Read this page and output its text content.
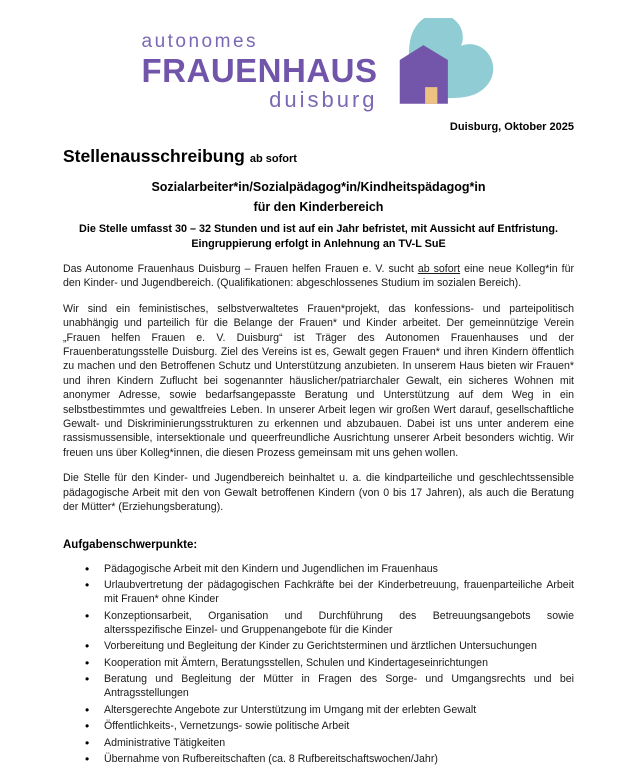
autonomes
FRAUENHAUS
duisburg
Duisburg, Oktober 2025
Stellenausschreibung ab sofort
Sozialarbeiter*in/Sozialpädagog*in/Kindheitspädagog*in
für den Kinderbereich
Die Stelle umfasst 30 – 32 Stunden und ist auf ein Jahr befristet, mit Aussicht auf Entfristung.
Eingruppierung erfolgt in Anlehnung an TV-L SuE

Das Autonome Frauenhaus Duisburg – Frauen helfen Frauen e. V. sucht ab sofort eine neue Kolleg*in für den Kinder- und Jugendbereich. (Qualifikationen: abgeschlossenes Studium im sozialen Bereich).

Wir sind ein feministisches, selbstverwaltetes Frauen*projekt, das konfessions- und parteipolitisch unabhängig und parteilich für die Belange der Frauen* und Kinder arbeitet. Der gemeinnützige Verein „Frauen helfen Frauen e. V. Duisburg“ ist Träger des Autonomen Frauenhauses und der Frauenberatungsstelle Duisburg. Ziel des Vereins ist es, Gewalt gegen Frauen* und ihren Kindern öffentlich zu machen und den Betroffenen Schutz und Unterstützung anzubieten. In unserem Haus bieten wir Frauen* und ihren Kindern Zuflucht bei sogenannter häuslicher/patriarchaler Gewalt, ein sicheres Wohnen mit anonymer Adresse, sowie bedarfsangepasste Beratung und Unterstützung auf dem Weg in ein selbstbestimmtes und gewaltfreies Leben. In unserer Arbeit legen wir großen Wert darauf, gesellschaftliche Gewalt- und Diskriminierungsstrukturen zu erkennen und abzubauen. Dabei ist uns unter anderem eine rassismussensible, intersektionale und queerfreundliche Ausrichtung unserer Arbeit besonders wichtig. Wir freuen uns über Kolleg*innen, die diesen Prozess gemeinsam mit uns gehen wollen.

Die Stelle für den Kinder- und Jugendbereich beinhaltet u. a. die kindparteiliche und geschlechtssensible pädagogische Arbeit mit den von Gewalt betroffenen Kindern (von 0 bis 17 Jahren), als auch die Beratung der Mütter* (Erziehungsberatung).

Aufgabenschwerpunkte:
• Pädagogische Arbeit mit den Kindern und Jugendlichen im Frauenhaus
• Urlaubvertretung der pädagogischen Fachkräfte bei der Kinderbetreuung, frauenparteiliche Arbeit mit Frauen* ohne Kinder
• Konzeptionsarbeit, Organisation und Durchführung des Betreuungsangebots sowie altersspezifische Einzel- und Gruppenangebote für die Kinder
• Vorbereitung und Begleitung der Kinder zu Gerichtsterminen und ärztlichen Untersuchungen
• Kooperation mit Ämtern, Beratungsstellen, Schulen und Kindertageseinrichtungen
• Beratung und Begleitung der Mütter in Fragen des Sorge- und Umgangsrechts und bei Antragsstellungen
• Altersgerechte Angebote zur Unterstützung im Umgang mit der erlebten Gewalt
• Öffentlichkeits-, Vernetzungs- sowie politische Arbeit
• Administrative Tätigkeiten
• Übernahme von Rufbereitschaften (ca. 8 Rufbereitschaftswochen/Jahr)
